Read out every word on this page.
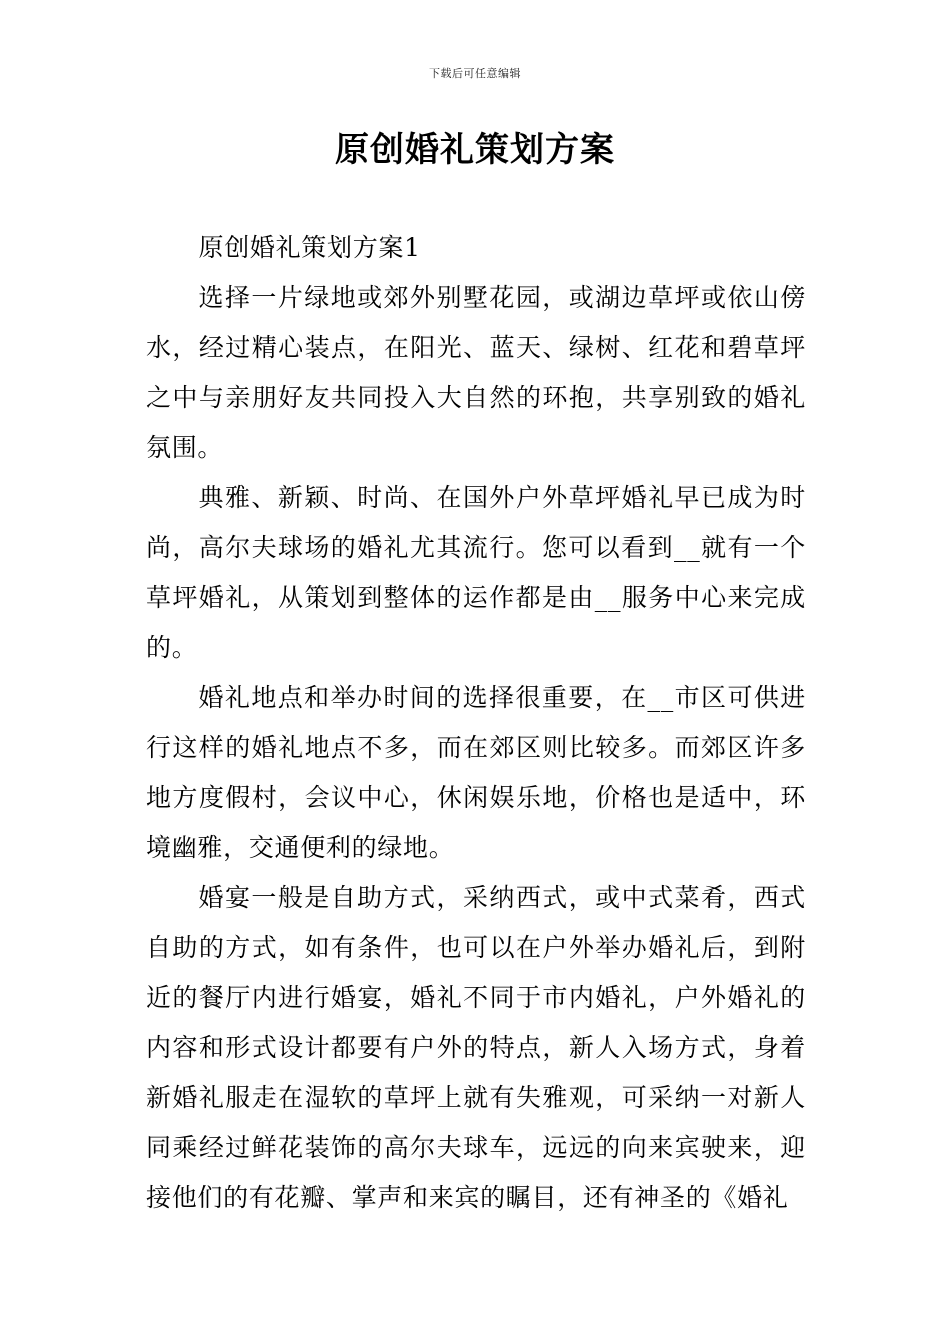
下载后可任意编辑
原创婚礼策划方案

原创婚礼策划方案1

选择一片绿地或郊外别墅花园，或湖边草坪或依山傍水，经过精心装点，在阳光、蓝天、绿树、红花和碧草坪之中与亲朋好友共同投入大自然的环抱，共享别致的婚礼氛围。

典雅、新颖、时尚、在国外户外草坪婚礼早已成为时尚，高尔夫球场的婚礼尤其流行。您可以看到__就有一个草坪婚礼，从策划到整体的运作都是由__服务中心来完成的。

婚礼地点和举办时间的选择很重要，在__市区可供进行这样的婚礼地点不多，而在郊区则比较多。而郊区许多地方度假村，会议中心，休闲娱乐地，价格也是适中，环境幽雅，交通便利的绿地。

婚宴一般是自助方式，采纳西式，或中式菜肴，西式自助的方式，如有条件，也可以在户外举办婚礼后，到附近的餐厅内进行婚宴，婚礼不同于市内婚礼，户外婚礼的内容和形式设计都要有户外的特点，新人入场方式，身着新婚礼服走在湿软的草坪上就有失雅观，可采纳一对新人同乘经过鲜花装饰的高尔夫球车，远远的向来宾驶来，迎接他们的有花瓣、掌声和来宾的瞩目，还有神圣的《婚礼
